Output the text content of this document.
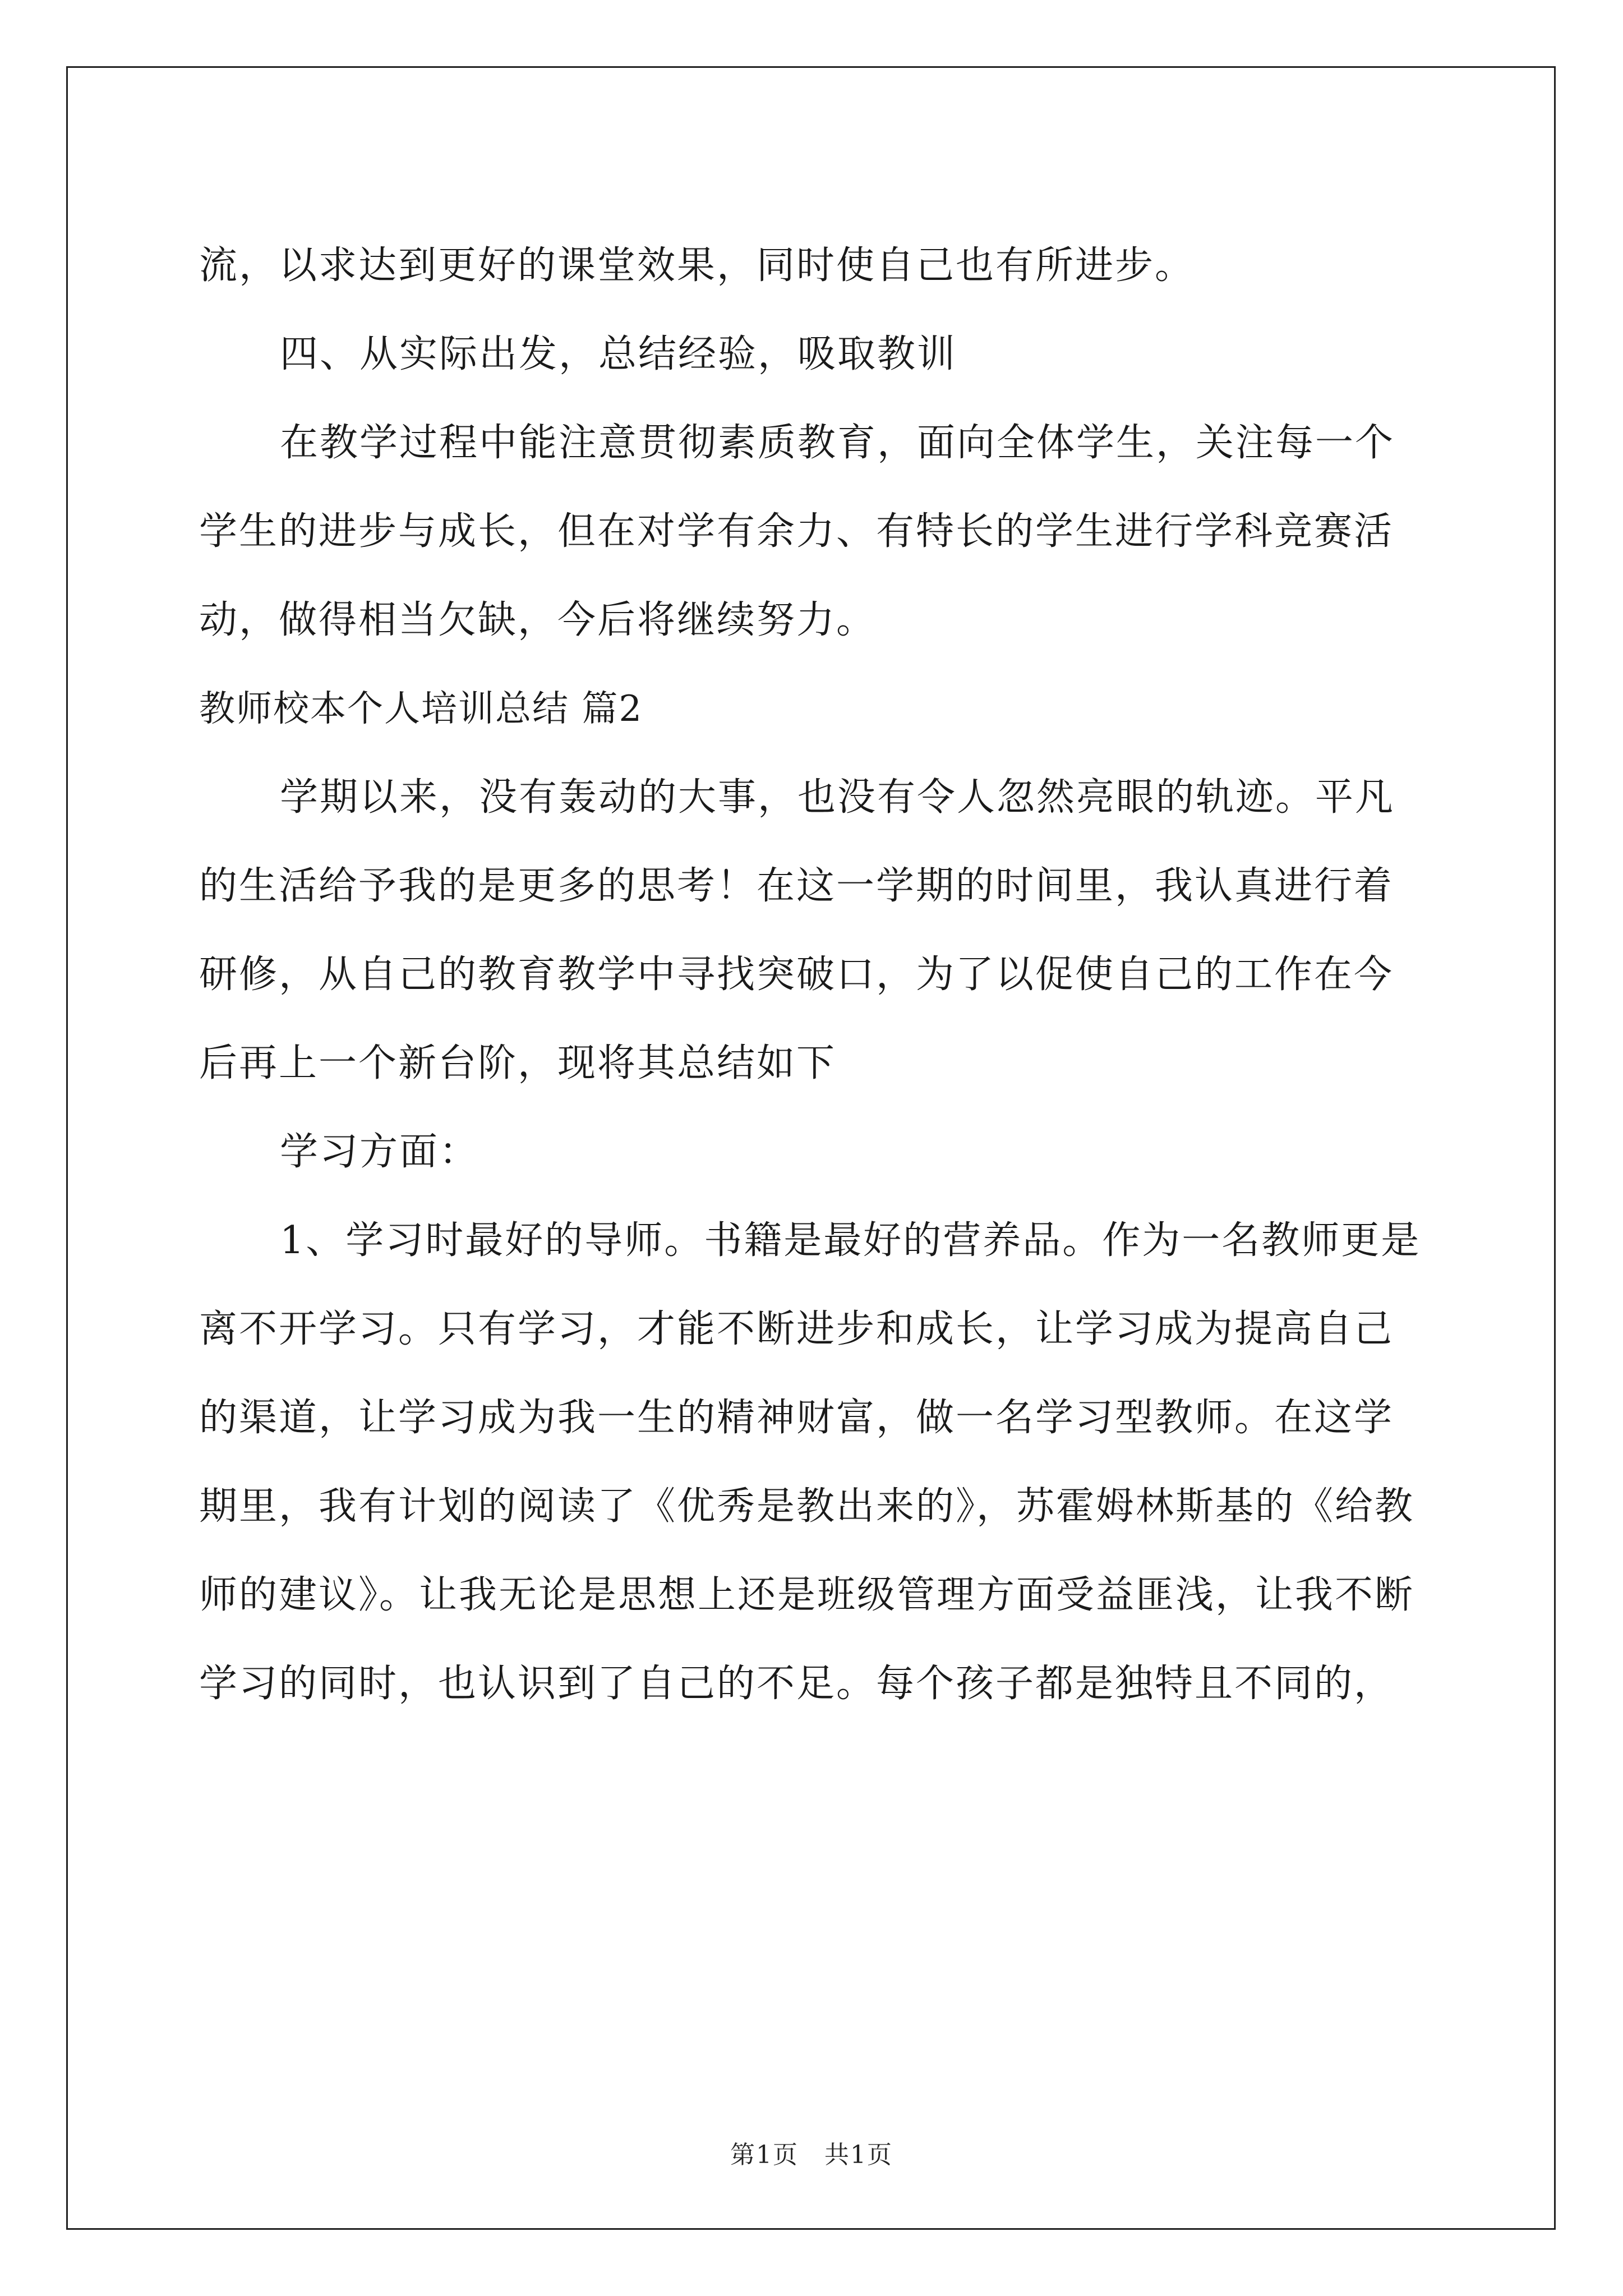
流，以求达到更好的课堂效果，同时使自己也有所进步。
四、从实际出发，总结经验，吸取教训
在教学过程中能注意贯彻素质教育，面向全体学生，关注每一个
学生的进步与成长，但在对学有余力、有特长的学生进行学科竞赛活
动，做得相当欠缺，今后将继续努力。
教师校本个人培训总结 篇2
学期以来，没有轰动的大事，也没有令人忽然亮眼的轨迹。平凡
的生活给予我的是更多的思考！在这一学期的时间里，我认真进行着
研修，从自己的教育教学中寻找突破口，为了以促使自己的工作在今
后再上一个新台阶，现将其总结如下
学习方面：
1、学习时最好的导师。书籍是最好的营养品。作为一名教师更是
离不开学习。只有学习，才能不断进步和成长，让学习成为提高自己
的渠道，让学习成为我一生的精神财富，做一名学习型教师。在这学
期里，我有计划的阅读了《优秀是教出来的》，苏霍姆林斯基的《给教
师的建议》。让我无论是思想上还是班级管理方面受益匪浅，让我不断
学习的同时，也认识到了自己的不足。每个孩子都是独特且不同的，
第1页　共1页
